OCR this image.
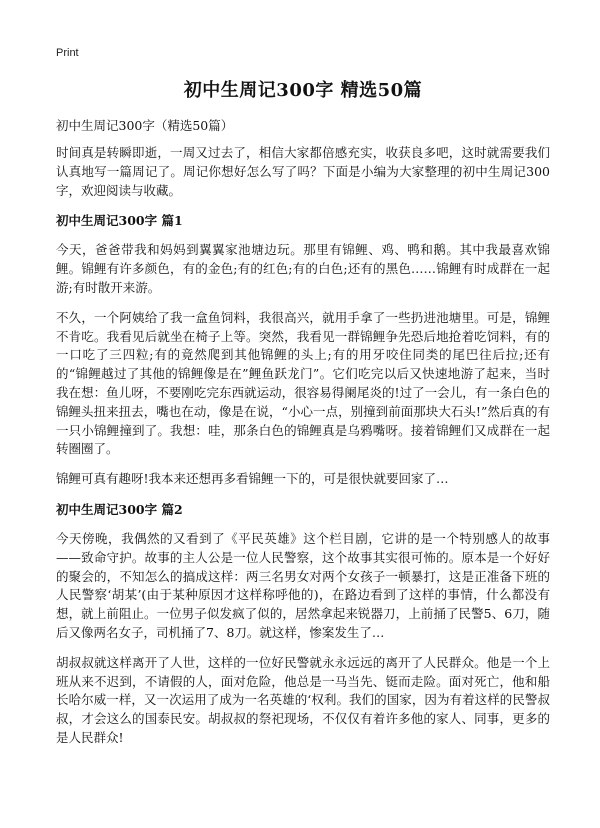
Print
初中生周记300字 精选50篇
初中生周记300字（精选50篇）

时间真是转瞬即逝，一周又过去了，相信大家都倍感充实，收获良多吧，这时就需要我们认真地写一篇周记了。周记你想好怎么写了吗？下面是小编为大家整理的初中生周记300字，欢迎阅读与收藏。

初中生周记300字 篇1

今天，爸爸带我和妈妈到翼翼家池塘边玩。那里有锦鲤、鸡、鸭和鹅。其中我最喜欢锦鲤。锦鲤有许多颜色，有的金色;有的红色;有的白色;还有的黑色……锦鲤有时成群在一起游;有时散开来游。

不久，一个阿姨给了我一盒鱼饲料，我很高兴，就用手拿了一些扔进池塘里。可是，锦鲤不肯吃。我看见后就坐在椅子上等。突然，我看见一群锦鲤争先恐后地抢着吃饲料，有的一口吃了三四粒;有的竟然爬到其他锦鲤的头上;有的用牙咬住同类的尾巴往后拉;还有的“锦鲤越过了其他的锦鲤像是在”鲤鱼跃龙门”。它们吃完以后又快速地游了起来，当时我在想：鱼儿呀，不要刚吃完东西就运动，很容易得阑尾炎的!过了一会儿，有一条白色的锦鲤头扭来扭去，嘴也在动，像是在说，“小心一点，别撞到前面那块大石头!”然后真的有一只小锦鲤撞到了。我想：哇，那条白色的锦鲤真是乌鸦嘴呀。接着锦鲤们又成群在一起转圈圈了。

锦鲤可真有趣呀!我本来还想再多看锦鲤一下的，可是很快就要回家了…

初中生周记300字 篇2

今天傍晚，我偶然的又看到了《平民英雄》这个栏目剧，它讲的是一个特别感人的故事——致命守护。故事的主人公是一位人民警察，这个故事其实很可怖的。原本是一个好好的聚会的，不知怎么的搞成这样：两三名男女对两个女孩子一顿暴打，这是正准备下班的人民警察‘胡某’(由于某种原因才这样称呼他的)，在路边看到了这样的事情，什么都没有想，就上前阻止。一位男子似发疯了似的，居然拿起来锐器刀，上前捅了民警5、6刀，随后又像两名女子，司机捅了7、8刀。就这样，惨案发生了…

胡叔叔就这样离开了人世，这样的一位好民警就永永远远的离开了人民群众。他是一个上班从来不迟到，不请假的人，面对危险，他总是一马当先、铤而走险。面对死亡，他和船长哈尔威一样，又一次运用了成为一名英雄的‘权利。我们的国家，因为有着这样的民警叔叔，才会这么的国泰民安。胡叔叔的祭祀现场，不仅仅有着许多他的家人、同事，更多的是人民群众!
